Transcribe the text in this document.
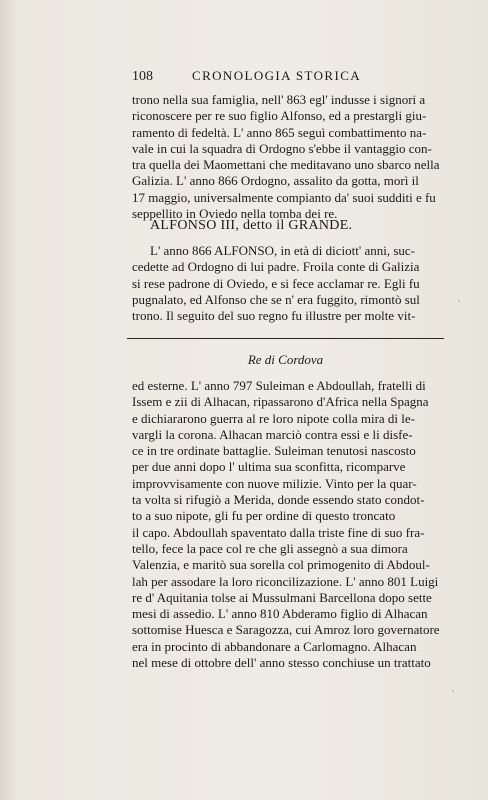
108	CRONOLOGIA STORICA
trono nella sua famiglia, nell' 863 egl' indusse i signori a
riconoscere per re suo figlio Alfonso, ed a prestargli giu-
ramento di fedeltà. L' anno 865 seguì combattimento na-
vale in cui la squadra di Ordogno s'ebbe il vantaggio con-
tra quella dei Maomettani che meditavano uno sbarco nella
Galizia. L' anno 866 Ordogno, assalito da gotta, morì il
17 maggio, universalmente compianto da' suoi sudditi e fu
seppellito in Oviedo nella tomba dei re.
ALFONSO III, detto il GRANDE.
L' anno 866 ALFONSO, in età di diciott' anni, suc-
cedette ad Ordogno di lui padre. Froila conte di Galizia
si rese padrone di Oviedo, e si fece acclamar re. Egli fu
pugnalato, ed Alfonso che se n' era fuggito, rimontò sul
trono. Il seguito del suo regno fu illustre per molte vit-
Re di Cordova
ed esterne. L' anno 797 Suleiman e Abdoullah, fratelli di
Issem e zii di Alhacan, ripassarono d'Africa nella Spagna
e dichiararono guerra al re loro nipote colla mira di le-
vargli la corona. Alhacan marciò contra essi e li disfe-
ce in tre ordinate battaglie. Suleiman tenutosi nascosto
per due anni dopo l' ultima sua sconfitta, ricomparve
improvvisamente con nuove milizie. Vinto per la quar-
ta volta si rifugiò a Merida, donde essendo stato condot-
to a suo nipote, gli fu per ordine di questo troncato
il capo. Abdoullah spaventato dalla triste fine di suo fra-
tello, fece la pace col re che gli assegnò a sua dimora
Valenzia, e maritò sua sorella col primogenito di Abdoul-
lah per assodare la loro riconcilizazione. L' anno 801 Luigi
re d' Aquitania tolse ai Mussulmani Barcellona dopo sette
mesi di assedio. L' anno 810 Abderamo figlio di Alhacan
sottomise Huesca e Saragozza, cui Amroz loro governatore
era in procinto di abbandonare a Carlomagno. Alhacan
nel mese di ottobre dell' anno stesso conchiuse un trattato
